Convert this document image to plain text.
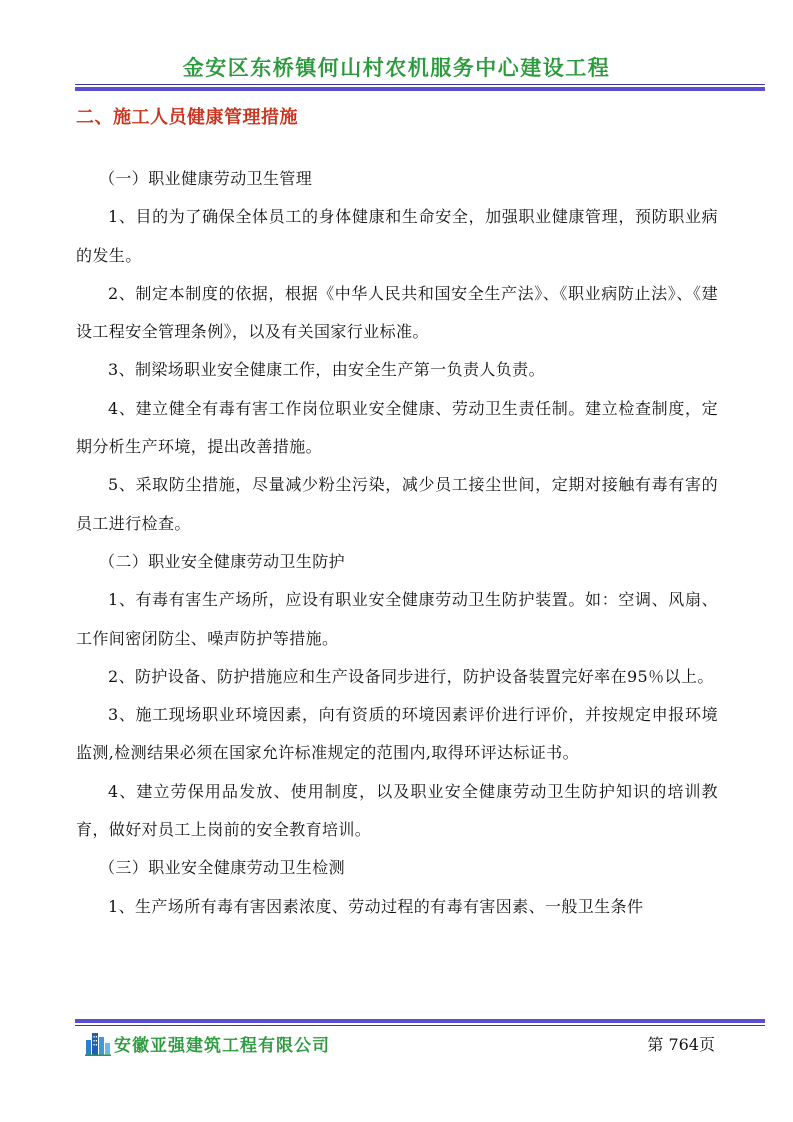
金安区东桥镇何山村农机服务中心建设工程
二、施工人员健康管理措施

（一）职业健康劳动卫生管理

1、目的为了确保全体员工的身体健康和生命安全，加强职业健康管理，预防职业病的发生。

2、制定本制度的依据，根据《中华人民共和国安全生产法》、《职业病防止法》、《建设工程安全管理条例》，以及有关国家行业标准。

3、制梁场职业安全健康工作，由安全生产第一负责人负责。

4、建立健全有毒有害工作岗位职业安全健康、劳动卫生责任制。建立检查制度，定期分析生产环境，提出改善措施。

5、采取防尘措施，尽量减少粉尘污染，减少员工接尘世间，定期对接触有毒有害的员工进行检查。

（二）职业安全健康劳动卫生防护

1、有毒有害生产场所，应设有职业安全健康劳动卫生防护装置。如：空调、风扇、工作间密闭防尘、噪声防护等措施。

2、防护设备、防护措施应和生产设备同步进行，防护设备装置完好率在95％以上。

3、施工现场职业环境因素，向有资质的环境因素评价进行评价，并按规定申报环境监测,检测结果必须在国家允许标准规定的范围内,取得环评达标证书。

4、建立劳保用品发放、使用制度，以及职业安全健康劳动卫生防护知识的培训教育，做好对员工上岗前的安全教育培训。

（三）职业安全健康劳动卫生检测

1、生产场所有毒有害因素浓度、劳动过程的有毒有害因素、一般卫生条件

安徽亚强建筑工程有限公司	第 764页
